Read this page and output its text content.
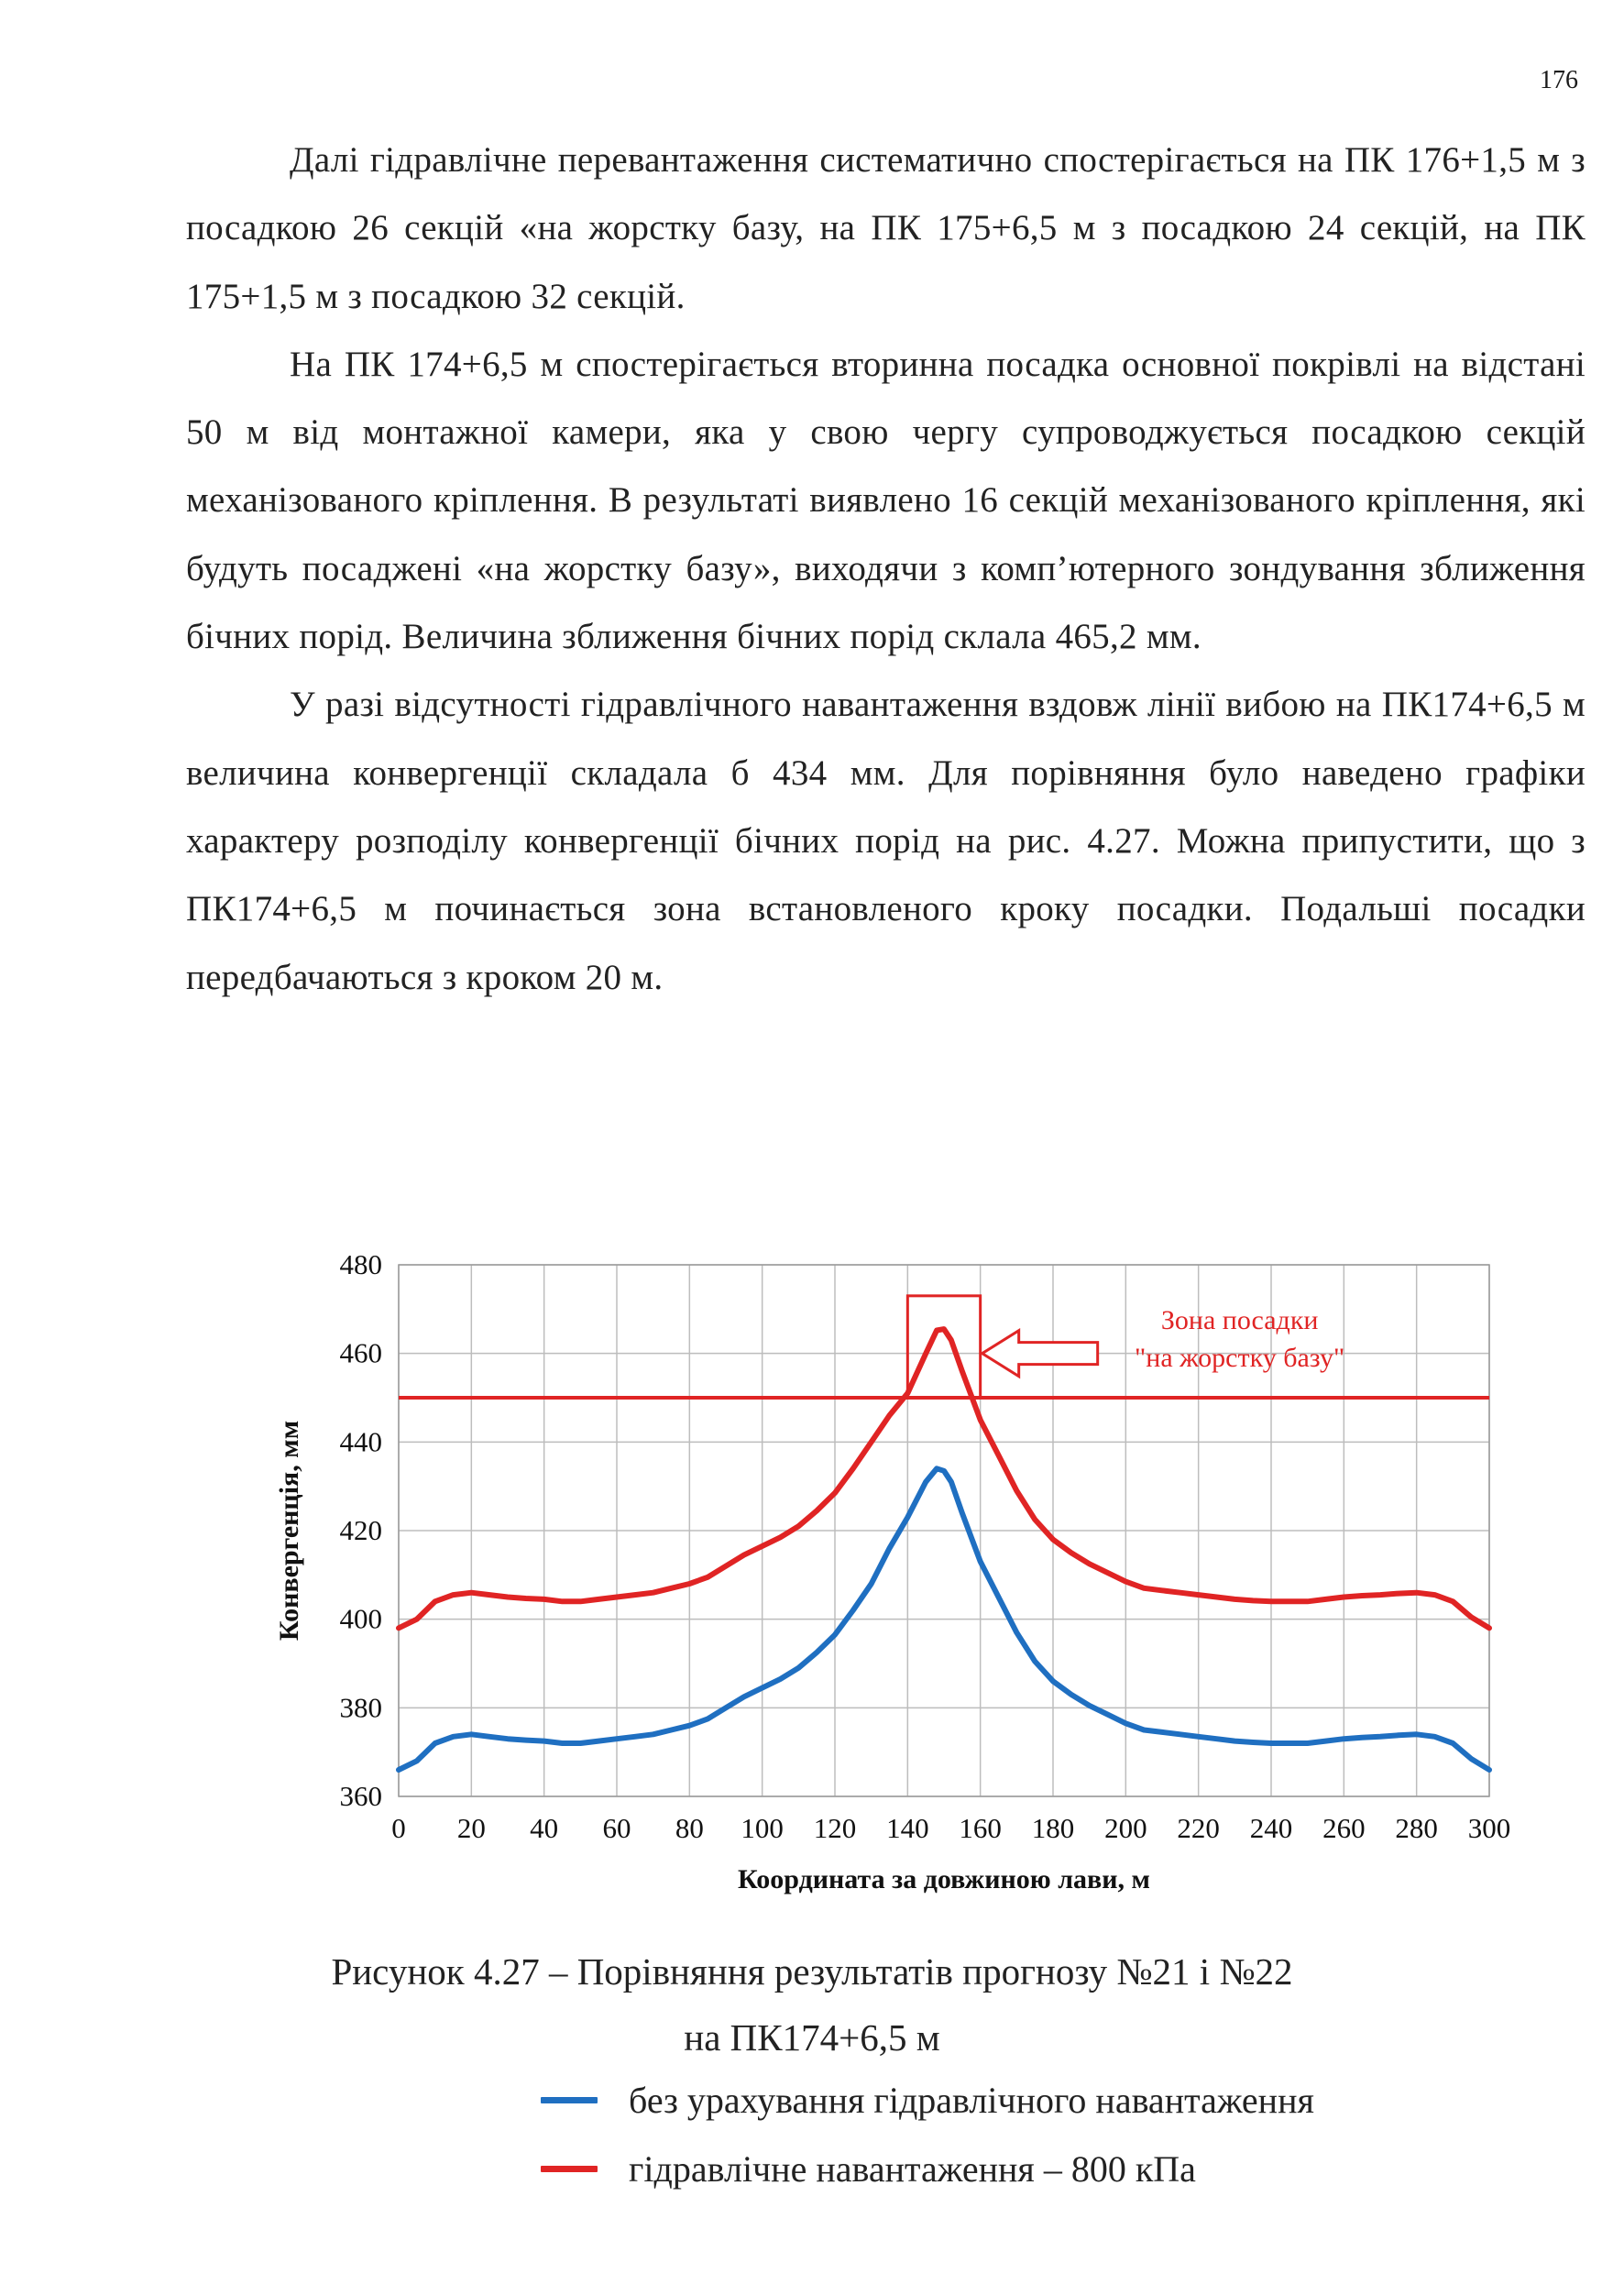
176

Далі гідравлічне перевантаження систематично спостерігається на ПК 176+1,5 м з посадкою 26 секцій «на жорстку базу, на ПК 175+6,5 м з посадкою 24 секцій, на ПК 175+1,5 м з посадкою 32 секцій.

На ПК 174+6,5 м спостерігається вторинна посадка основної покрівлі на відстані 50 м від монтажної камери, яка у свою чергу супроводжується посадкою секцій механізованого кріплення. В результаті виявлено 16 секцій механізованого кріплення, які будуть посаджені «на жорстку базу», виходячи з комп’ютерного зондування зближення бічних порід. Величина зближення бічних порід склала 465,2 мм.

У разі відсутності гідравлічного навантаження вздовж лінії вибою на ПК174+6,5 м величина конвергенції складала б 434 мм. Для порівняння було наведено графіки характеру розподілу конвергенції бічних порід на рис. 4.27. Можна припустити, що з ПК174+6,5 м починається зона встановленого кроку посадки. Подальші посадки передбачаються з кроком 20 м.

0 20 40 60 80 100 120 140 160 180 200 220 240 260 280 300
360
380
400
420
440
460
480
Зона посадки
"на жорстку базу"
Конвергенція, мм
Координата за довжиною лави, м
Рисунок 4.27 – Порівняння результатів прогнозу №21 і №22
на ПК174+6,5 м
без урахування гідравлічного навантаження
гідравлічне навантаження – 800 кПа
